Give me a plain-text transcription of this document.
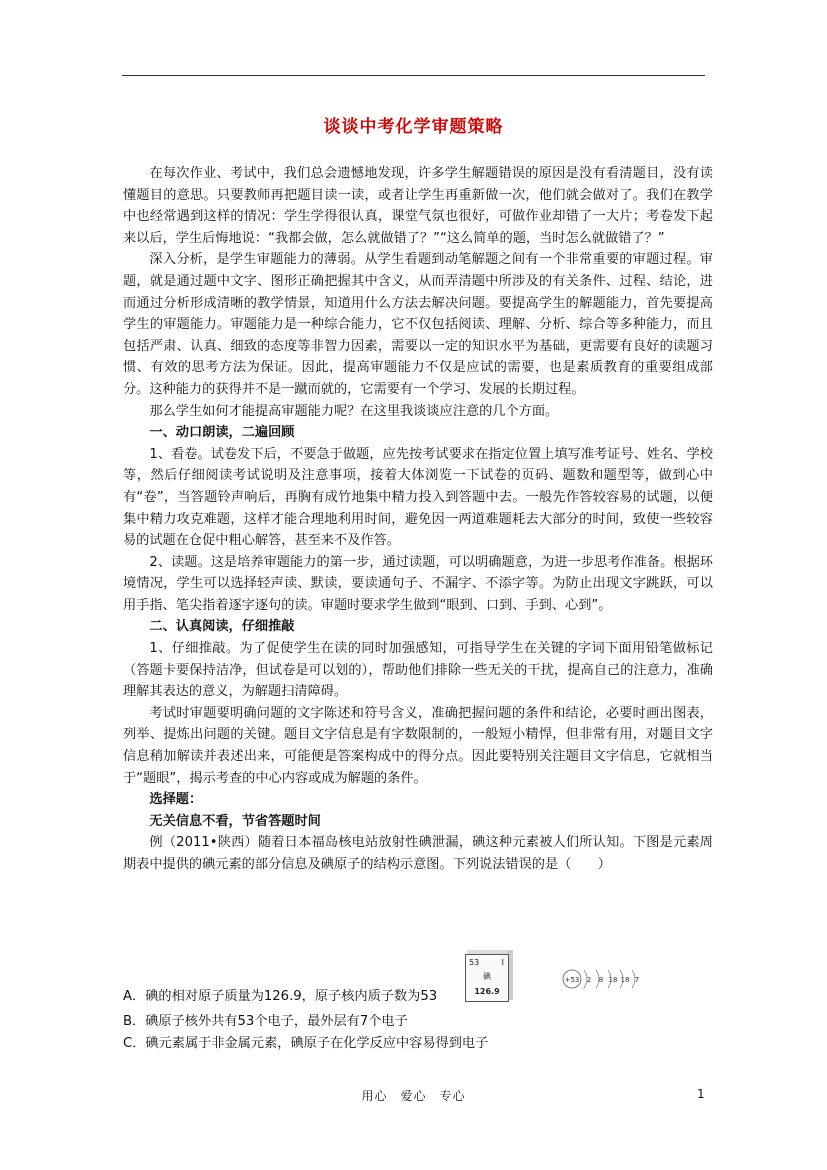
谈谈中考化学审题策略

在每次作业、考试中，我们总会遗憾地发现，许多学生解题错误的原因是没有看清题目，没有读懂题目的意思。只要教师再把题目读一读，或者让学生再重新做一次，他们就会做对了。我们在教学中也经常遇到这样的情况：学生学得很认真，课堂气氛也很好，可做作业却错了一大片；考卷发下起来以后，学生后悔地说：“我都会做，怎么就做错了？”“这么简单的题，当时怎么就做错了？”

深入分析，是学生审题能力的薄弱。从学生看题到动笔解题之间有一个非常重要的审题过程。审题，就是通过题中文字、图形正确把握其中含义，从而弄清题中所涉及的有关条件、过程、结论，进而通过分析形成清晰的教学情景，知道用什么方法去解决问题。要提高学生的解题能力，首先要提高学生的审题能力。审题能力是一种综合能力，它不仅包括阅读、理解、分析、综合等多种能力，而且包括严肃、认真、细致的态度等非智力因素，需要以一定的知识水平为基础，更需要有良好的读题习惯、有效的思考方法为保证。因此，提高审题能力不仅是应试的需要，也是素质教育的重要组成部分。这种能力的获得并不是一蹴而就的，它需要有一个学习、发展的长期过程。

那么学生如何才能提高审题能力呢？在这里我谈谈应注意的几个方面。

一、动口朗读，二遍回顾

1、看卷。试卷发下后，不要急于做题，应先按考试要求在指定位置上填写准考证号、姓名、学校等，然后仔细阅读考试说明及注意事项，接着大体浏览一下试卷的页码、题数和题型等，做到心中有“卷”，当答题铃声响后，再胸有成竹地集中精力投入到答题中去。一般先作答较容易的试题，以便集中精力攻克难题，这样才能合理地利用时间，避免因一两道难题耗去大部分的时间，致使一些较容易的试题在仓促中粗心解答，甚至来不及作答。

2、读题。这是培养审题能力的第一步，通过读题，可以明确题意，为进一步思考作准备。根据环境情况，学生可以选择轻声读、默读，要读通句子、不漏字、不添字等。为防止出现文字跳跃，可以用手指、笔尖指着逐字逐句的读。审题时要求学生做到“眼到、口到、手到、心到”。

二、认真阅读，仔细推敲

1、仔细推敲。为了促使学生在读的同时加强感知，可指导学生在关键的字词下面用铅笔做标记（答题卡要保持洁净，但试卷是可以划的），帮助他们排除一些无关的干扰，提高自己的注意力，准确理解其表达的意义，为解题扫清障碍。

考试时审题要明确问题的文字陈述和符号含义，准确把握问题的条件和结论，必要时画出图表，列举、提炼出问题的关键。题目文字信息是有字数限制的，一般短小精悍，但非常有用，对题目文字信息稍加解读并表述出来，可能便是答案构成中的得分点。因此要特别关注题目文字信息，它就相当于“题眼”，揭示考查的中心内容或成为解题的条件。

选择题：

无关信息不看，节省答题时间

例（2011•陕西）随着日本福岛核电站放射性碘泄漏，碘这种元素被人们所认知。下图是元素周期表中提供的碘元素的部分信息及碘原子的结构示意图。下列说法错误的是（　　）

53	I
碘
126.9
+53 2 8 18 18 7
A．碘的相对原子质量为126.9，原子核内质子数为53
B．碘原子核外共有53个电子，最外层有7个电子
C．碘元素属于非金属元素，碘原子在化学反应中容易得到电子
用心　爱心　专心	1
